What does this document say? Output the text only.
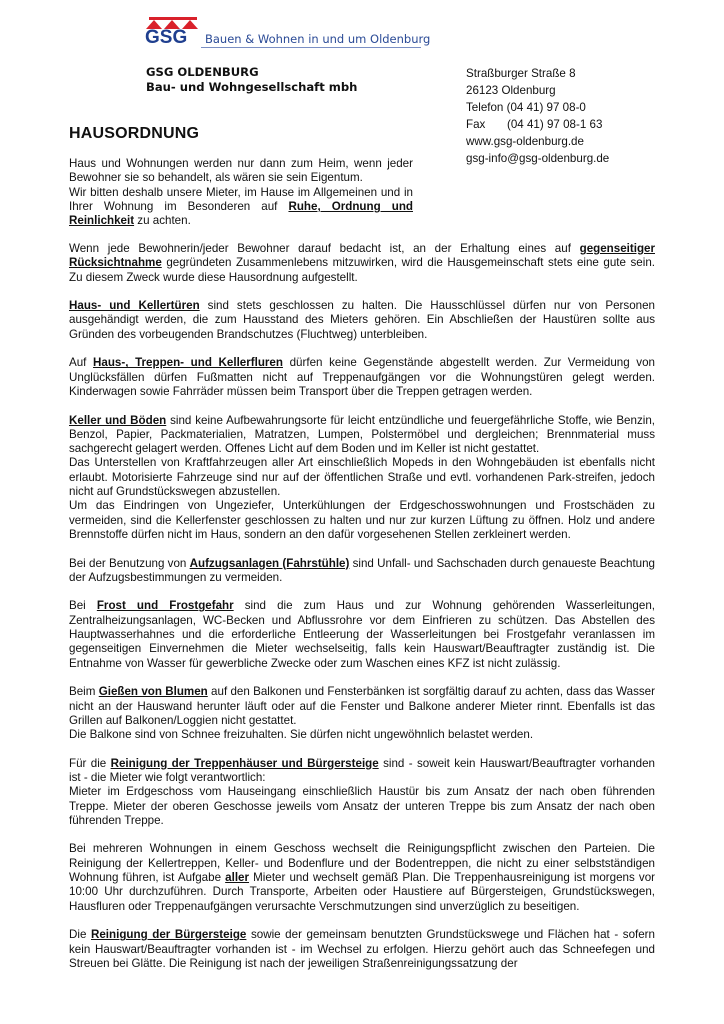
GSG	Bauen & Wohnen in und um Oldenburg
GSG OLDENBURG
Bau- und Wohngesellschaft mbh
Straßburger Straße 8
26123 Oldenburg
Telefon (04 41) 97 08-0
Fax (04 41) 97 08-1 63
www.gsg-oldenburg.de
gsg-info@gsg-oldenburg.de
HAUSORDNUNG
Haus und Wohnungen werden nur dann zum Heim, wenn jeder Bewohner sie so behandelt, als wären sie sein Eigentum.
Wir bitten deshalb unsere Mieter, im Hause im Allgemeinen und in Ihrer Wohnung im Besonderen auf Ruhe, Ordnung und Reinlichkeit zu achten.

Wenn jede Bewohnerin/jeder Bewohner darauf bedacht ist, an der Erhaltung eines auf gegenseitiger Rücksichtnahme gegründeten Zusammenlebens mitzuwirken, wird die Hausgemeinschaft stets eine gute sein. Zu diesem Zweck wurde diese Hausordnung aufgestellt.

Haus- und Kellertüren sind stets geschlossen zu halten. Die Hausschlüssel dürfen nur von Personen ausgehändigt werden, die zum Hausstand des Mieters gehören. Ein Abschließen der Haustüren sollte aus Gründen des vorbeugenden Brandschutzes (Fluchtweg) unterbleiben.

Auf Haus-, Treppen- und Kellerfluren dürfen keine Gegenstände abgestellt werden. Zur Vermeidung von Unglücksfällen dürfen Fußmatten nicht auf Treppenaufgängen vor die Wohnungstüren gelegt werden. Kinderwagen sowie Fahrräder müssen beim Transport über die Treppen getragen werden.

Keller und Böden sind keine Aufbewahrungsorte für leicht entzündliche und feuergefährliche Stoffe, wie Benzin, Benzol, Papier, Packmaterialien, Matratzen, Lumpen, Polstermöbel und dergleichen; Brennmaterial muss sachgerecht gelagert werden. Offenes Licht auf dem Boden und im Keller ist nicht gestattet.
Das Unterstellen von Kraftfahrzeugen aller Art einschließlich Mopeds in den Wohngebäuden ist ebenfalls nicht erlaubt. Motorisierte Fahrzeuge sind nur auf der öffentlichen Straße und evtl. vorhandenen Park-streifen, jedoch nicht auf Grundstückswegen abzustellen.
Um das Eindringen von Ungeziefer, Unterkühlungen der Erdgeschosswohnungen und Frostschäden zu vermeiden, sind die Kellerfenster geschlossen zu halten und nur zur kurzen Lüftung zu öffnen. Holz und andere Brennstoffe dürfen nicht im Haus, sondern an den dafür vorgesehenen Stellen zerkleinert werden.

Bei der Benutzung von Aufzugsanlagen (Fahrstühle) sind Unfall- und Sachschaden durch genaueste Beachtung der Aufzugsbestimmungen zu vermeiden.

Bei Frost und Frostgefahr sind die zum Haus und zur Wohnung gehörenden Wasserleitungen, Zentralheizungsanlagen, WC-Becken und Abflussrohre vor dem Einfrieren zu schützen. Das Abstellen des Hauptwasserhahnes und die erforderliche Entleerung der Wasserleitungen bei Frostgefahr veranlassen im gegenseitigen Einvernehmen die Mieter wechselseitig, falls kein Hauswart/Beauftragter zuständig ist. Die Entnahme von Wasser für gewerbliche Zwecke oder zum Waschen eines KFZ ist nicht zulässig.

Beim Gießen von Blumen auf den Balkonen und Fensterbänken ist sorgfältig darauf zu achten, dass das Wasser nicht an der Hauswand herunter läuft oder auf die Fenster und Balkone anderer Mieter rinnt. Ebenfalls ist das Grillen auf Balkonen/Loggien nicht gestattet.
Die Balkone sind von Schnee freizuhalten. Sie dürfen nicht ungewöhnlich belastet werden.

Für die Reinigung der Treppenhäuser und Bürgersteige sind - soweit kein Hauswart/Beauftragter vorhanden ist - die Mieter wie folgt verantwortlich:
Mieter im Erdgeschoss vom Hauseingang einschließlich Haustür bis zum Ansatz der nach oben führenden Treppe. Mieter der oberen Geschosse jeweils vom Ansatz der unteren Treppe bis zum Ansatz der nach oben führenden Treppe.

Bei mehreren Wohnungen in einem Geschoss wechselt die Reinigungspflicht zwischen den Parteien. Die Reinigung der Kellertreppen, Keller- und Bodenflure und der Bodentreppen, die nicht zu einer selbstständigen Wohnung führen, ist Aufgabe aller Mieter und wechselt gemäß Plan. Die Treppenhausreinigung ist morgens vor 10:00 Uhr durchzuführen. Durch Transporte, Arbeiten oder Haustiere auf Bürgersteigen, Grundstückswegen, Hausfluren oder Treppenaufgängen verursachte Verschmutzungen sind unverzüglich zu beseitigen.

Die Reinigung der Bürgersteige sowie der gemeinsam benutzten Grundstückswege und Flächen hat - sofern kein Hauswart/Beauftragter vorhanden ist - im Wechsel zu erfolgen. Hierzu gehört auch das Schneefegen und Streuen bei Glätte. Die Reinigung ist nach der jeweiligen Straßenreinigungssatzung der
